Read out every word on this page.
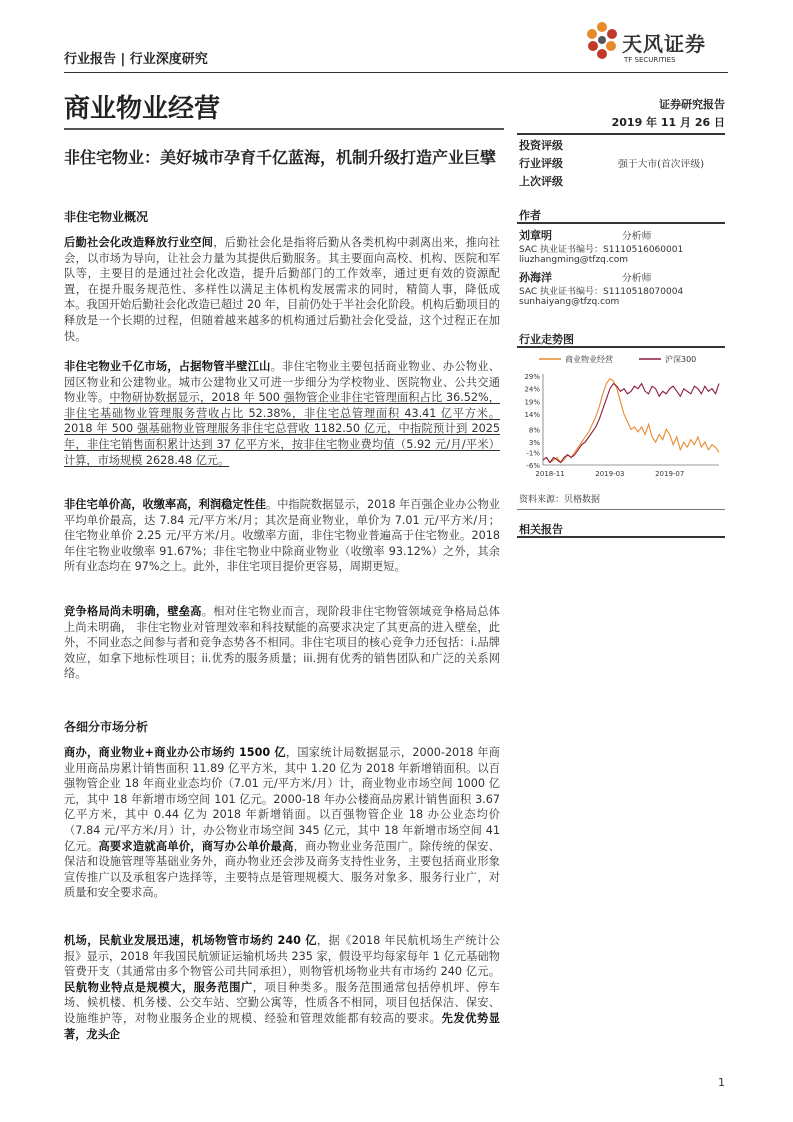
行业报告 | 行业深度研究
天风证券
TF SECURITIES
商业物业经营
非住宅物业：美好城市孕育千亿蓝海，机制升级打造产业巨擘
证券研究报告
2019 年 11 月 26 日
投资评级
行业评级	强于大市(首次评级)
上次评级
作者
刘章明	分析师
SAC 执业证书编号：S1110516060001
liuzhangming@tfzq.com
孙海洋	分析师
SAC 执业证书编号：S1110518070004
sunhaiyang@tfzq.com
行业走势图
商业物业经营	沪深300
29%
24%
19%
14%
8%
3%
-1%
-6%
2018-11	2019-03	2019-07
资料来源：贝格数据
相关报告
非住宅物业概况
后勤社会化改造释放行业空间，后勤社会化是指将后勤从各类机构中剥离出来，推向社会，以市场为导向，让社会力量为其提供后勤服务。其主要面向高校、机构、医院和军队等，主要目的是通过社会化改造，提升后勤部门的工作效率，通过更有效的资源配置，在提升服务规范性、多样性以满足主体机构发展需求的同时，精简人事，降低成本。我国开始后勤社会化改造已超过 20 年，目前仍处于半社会化阶段。机构后勤项目的释放是一个长期的过程，但随着越来越多的机构通过后勤社会化受益，这个过程正在加快。
非住宅物业千亿市场，占据物管半壁江山。非住宅物业主要包括商业物业、办公物业、园区物业和公建物业。城市公建物业又可进一步细分为学校物业、医院物业、公共交通物业等。中物研协数据显示，2018 年 500 强物管企业非住宅管理面积占比 36.52%，非住宅基础物业管理服务营收占比 52.38%，非住宅总管理面积 43.41 亿平方米。2018 年 500 强基础物业管理服务非住宅总营收 1182.50 亿元，中指院预计到 2025 年，非住宅销售面积累计达到 37 亿平方米，按非住宅物业费均值（5.92 元/月/平米）计算，市场规模 2628.48 亿元。
非住宅单价高，收缴率高，利润稳定性佳。中指院数据显示，2018 年百强企业办公物业平均单价最高，达 7.84 元/平方米/月；其次是商业物业，单价为 7.01 元/平方米/月；住宅物业单价 2.25 元/平方米/月。收缴率方面，非住宅物业普遍高于住宅物业。2018 年住宅物业收缴率 91.67%；非住宅物业中除商业物业（收缴率 93.12%）之外，其余所有业态均在 97%之上。此外，非住宅项目提价更容易，周期更短。
竞争格局尚未明确，壁垒高。相对住宅物业而言，现阶段非住宅物管领域竞争格局总体上尚未明确， 非住宅物业对管理效率和科技赋能的高要求决定了其更高的进入壁垒，此外，不同业态之间参与者和竞争态势各不相同。非住宅项目的核心竞争力还包括：i.品牌效应，如拿下地标性项目；ii.优秀的服务质量；iii.拥有优秀的销售团队和广泛的关系网络。
各细分市场分析
商办，商业物业+商业办公市场约 1500 亿，国家统计局数据显示，2000-2018 年商业用商品房累计销售面积 11.89 亿平方米，其中 1.20 亿为 2018 年新增销面积。以百强物管企业 18 年商业业态均价（7.01 元/平方米/月）计，商业物业市场空间 1000 亿元，其中 18 年新增市场空间 101 亿元。2000-18 年办公楼商品房累计销售面积 3.67 亿平方米，其中 0.44 亿为 2018 年新增销面。以百强物管企业 18 办公业态均价（7.84 元/平方米/月）计，办公物业市场空间 345 亿元，其中 18 年新增市场空间 41 亿元。高要求造就高单价，商写办公单价最高，商办物业业务范围广。除传统的保安、保洁和设施管理等基础业务外，商办物业还会涉及商务支持性业务，主要包括商业形象宣传推广以及承租客户选择等，主要特点是管理规模大、服务对象多、服务行业广，对质量和安全要求高。
机场，民航业发展迅速，机场物管市场约 240 亿，据《2018 年民航机场生产统计公报》显示，2018 年我国民航颁证运输机场共 235 家，假设平均每家每年 1 亿元基础物管费开支（其通常由多个物管公司共同承担），则物管机场物业共有市场约 240 亿元。民航物业特点是规模大，服务范围广，项目种类多。服务范围通常包括停机坪、停车场、候机楼、机务楼、公交车站、空勤公寓等，性质各不相同，项目包括保洁、保安、设施维护等，对物业服务企业的规模、经验和管理效能都有较高的要求。先发优势显著，龙头企
1
